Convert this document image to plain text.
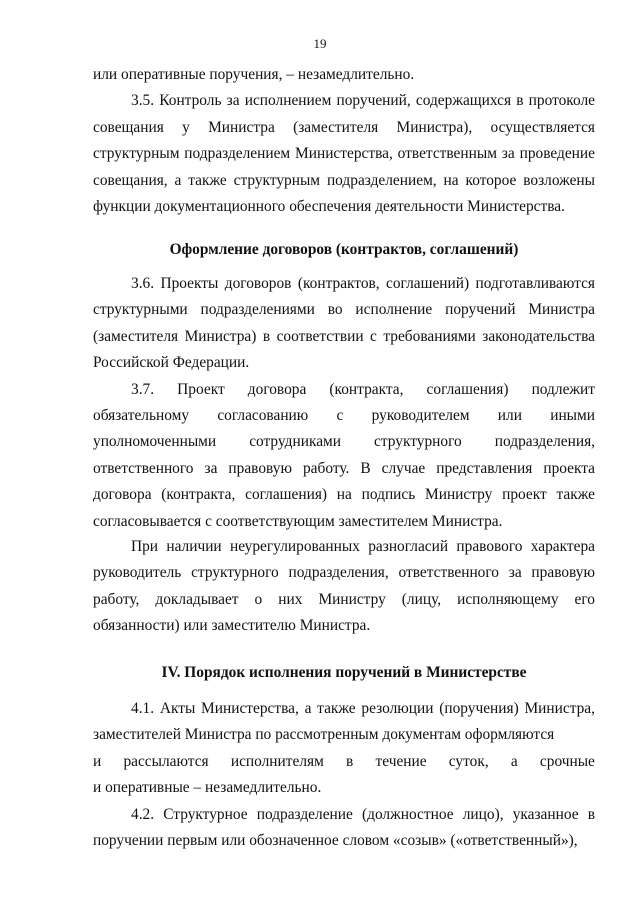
19

или оперативные поручения, – незамедлительно.

3.5. Контроль за исполнением поручений, содержащихся в протоколе совещания у Министра (заместителя Министра), осуществляется структурным подразделением Министерства, ответственным за проведение совещания, а также структурным подразделением, на которое возложены функции документационного обеспечения деятельности Министерства.

Оформление договоров (контрактов, соглашений)

3.6. Проекты договоров (контрактов, соглашений) подготавливаются структурными подразделениями во исполнение поручений Министра (заместителя Министра) в соответствии с требованиями законодательства Российской Федерации.

3.7. Проект договора (контракта, соглашения) подлежит обязательному согласованию с руководителем или иными уполномоченными сотрудниками структурного подразделения, ответственного за правовую работу. В случае представления проекта договора (контракта, соглашения) на подпись Министру проект также согласовывается с соответствующим заместителем Министра.

При наличии неурегулированных разногласий правового характера руководитель структурного подразделения, ответственного за правовую работу, докладывает о них Министру (лицу, исполняющему его обязанности) или заместителю Министра.

IV. Порядок исполнения поручений в Министерстве

4.1. Акты Министерства, а также резолюции (поручения) Министра, заместителей Министра по рассмотренным документам оформляются

и рассылаются исполнителям в течение суток, а срочные

и оперативные – незамедлительно.

4.2. Структурное подразделение (должностное лицо), указанное в поручении первым или обозначенное словом «созыв» («ответственный»),
